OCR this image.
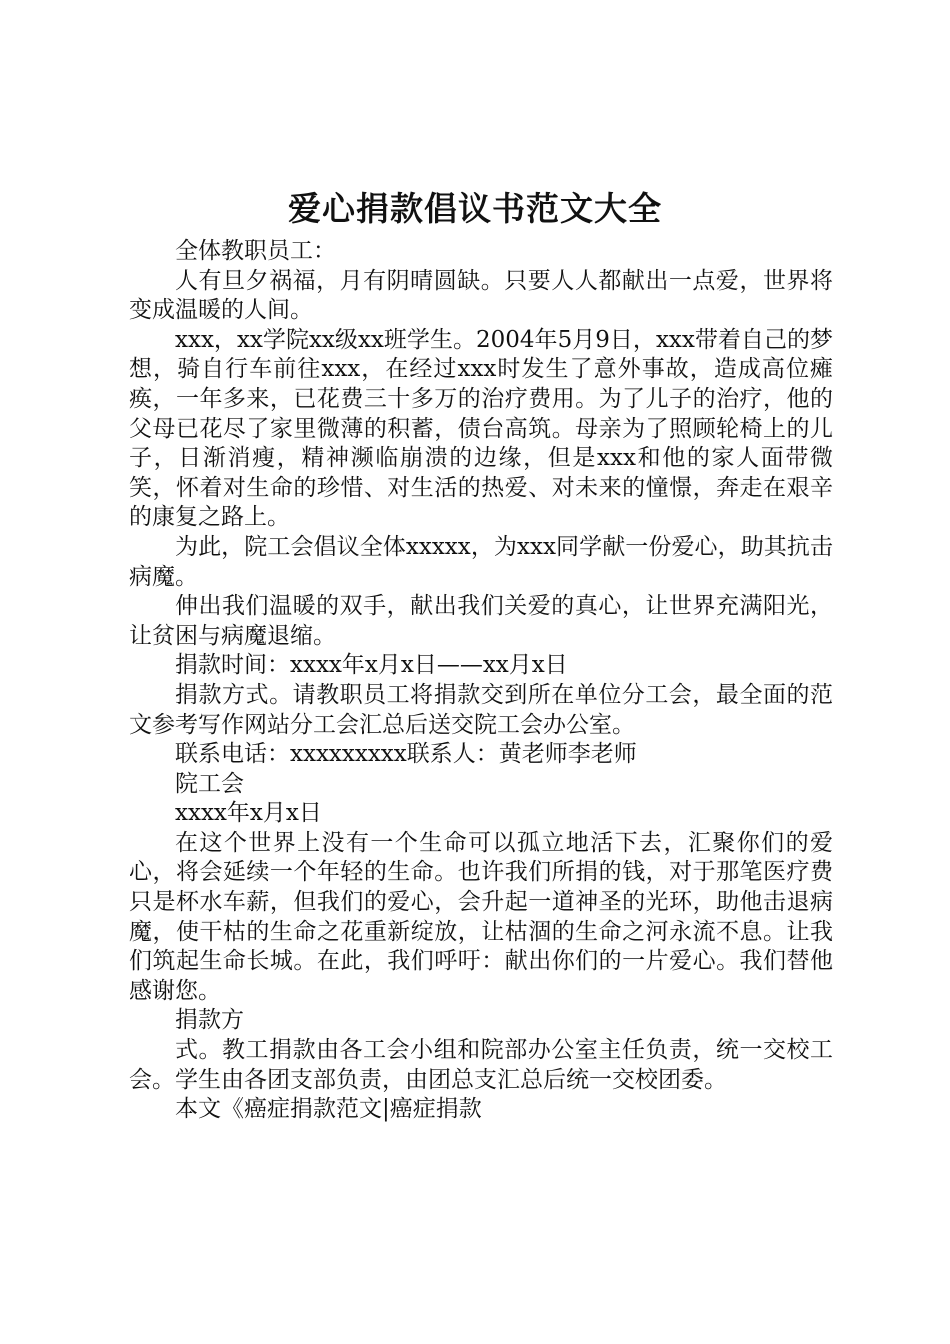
爱心捐款倡议书范文大全

全体教职员工：

人有旦夕祸福，月有阴晴圆缺。只要人人都献出一点爱，世界将变成温暖的人间。

xxx，xx学院xx级xx班学生。2004年5月9日，xxx带着自己的梦想，骑自行车前往xxx，在经过xxx时发生了意外事故，造成高位瘫痪，一年多来，已花费三十多万的治疗费用。为了儿子的治疗，他的父母已花尽了家里微薄的积蓄，债台高筑。母亲为了照顾轮椅上的儿子，日渐消瘦，精神濒临崩溃的边缘，但是xxx和他的家人面带微笑，怀着对生命的珍惜、对生活的热爱、对未来的憧憬，奔走在艰辛的康复之路上。

为此，院工会倡议全体xxxxx，为xxx同学献一份爱心，助其抗击病魔。

伸出我们温暖的双手，献出我们关爱的真心，让世界充满阳光，让贫困与病魔退缩。

捐款时间：xxxx年x月x日——xx月x日

捐款方式。请教职员工将捐款交到所在单位分工会，最全面的范文参考写作网站分工会汇总后送交院工会办公室。

联系电话：xxxxxxxxx联系人：黄老师李老师

院工会

xxxx年x月x日

在这个世界上没有一个生命可以孤立地活下去，汇聚你们的爱心，将会延续一个年轻的生命。也许我们所捐的钱，对于那笔医疗费只是杯水车薪，但我们的爱心，会升起一道神圣的光环，助他击退病魔，使干枯的生命之花重新绽放，让枯涸的生命之河永流不息。让我们筑起生命长城。在此，我们呼吁：献出你们的一片爱心。我们替他感谢您。

捐款方

式。教工捐款由各工会小组和院部办公室主任负责，统一交校工会。学生由各团支部负责，由团总支汇总后统一交校团委。

本文《癌症捐款范文|癌症捐款
